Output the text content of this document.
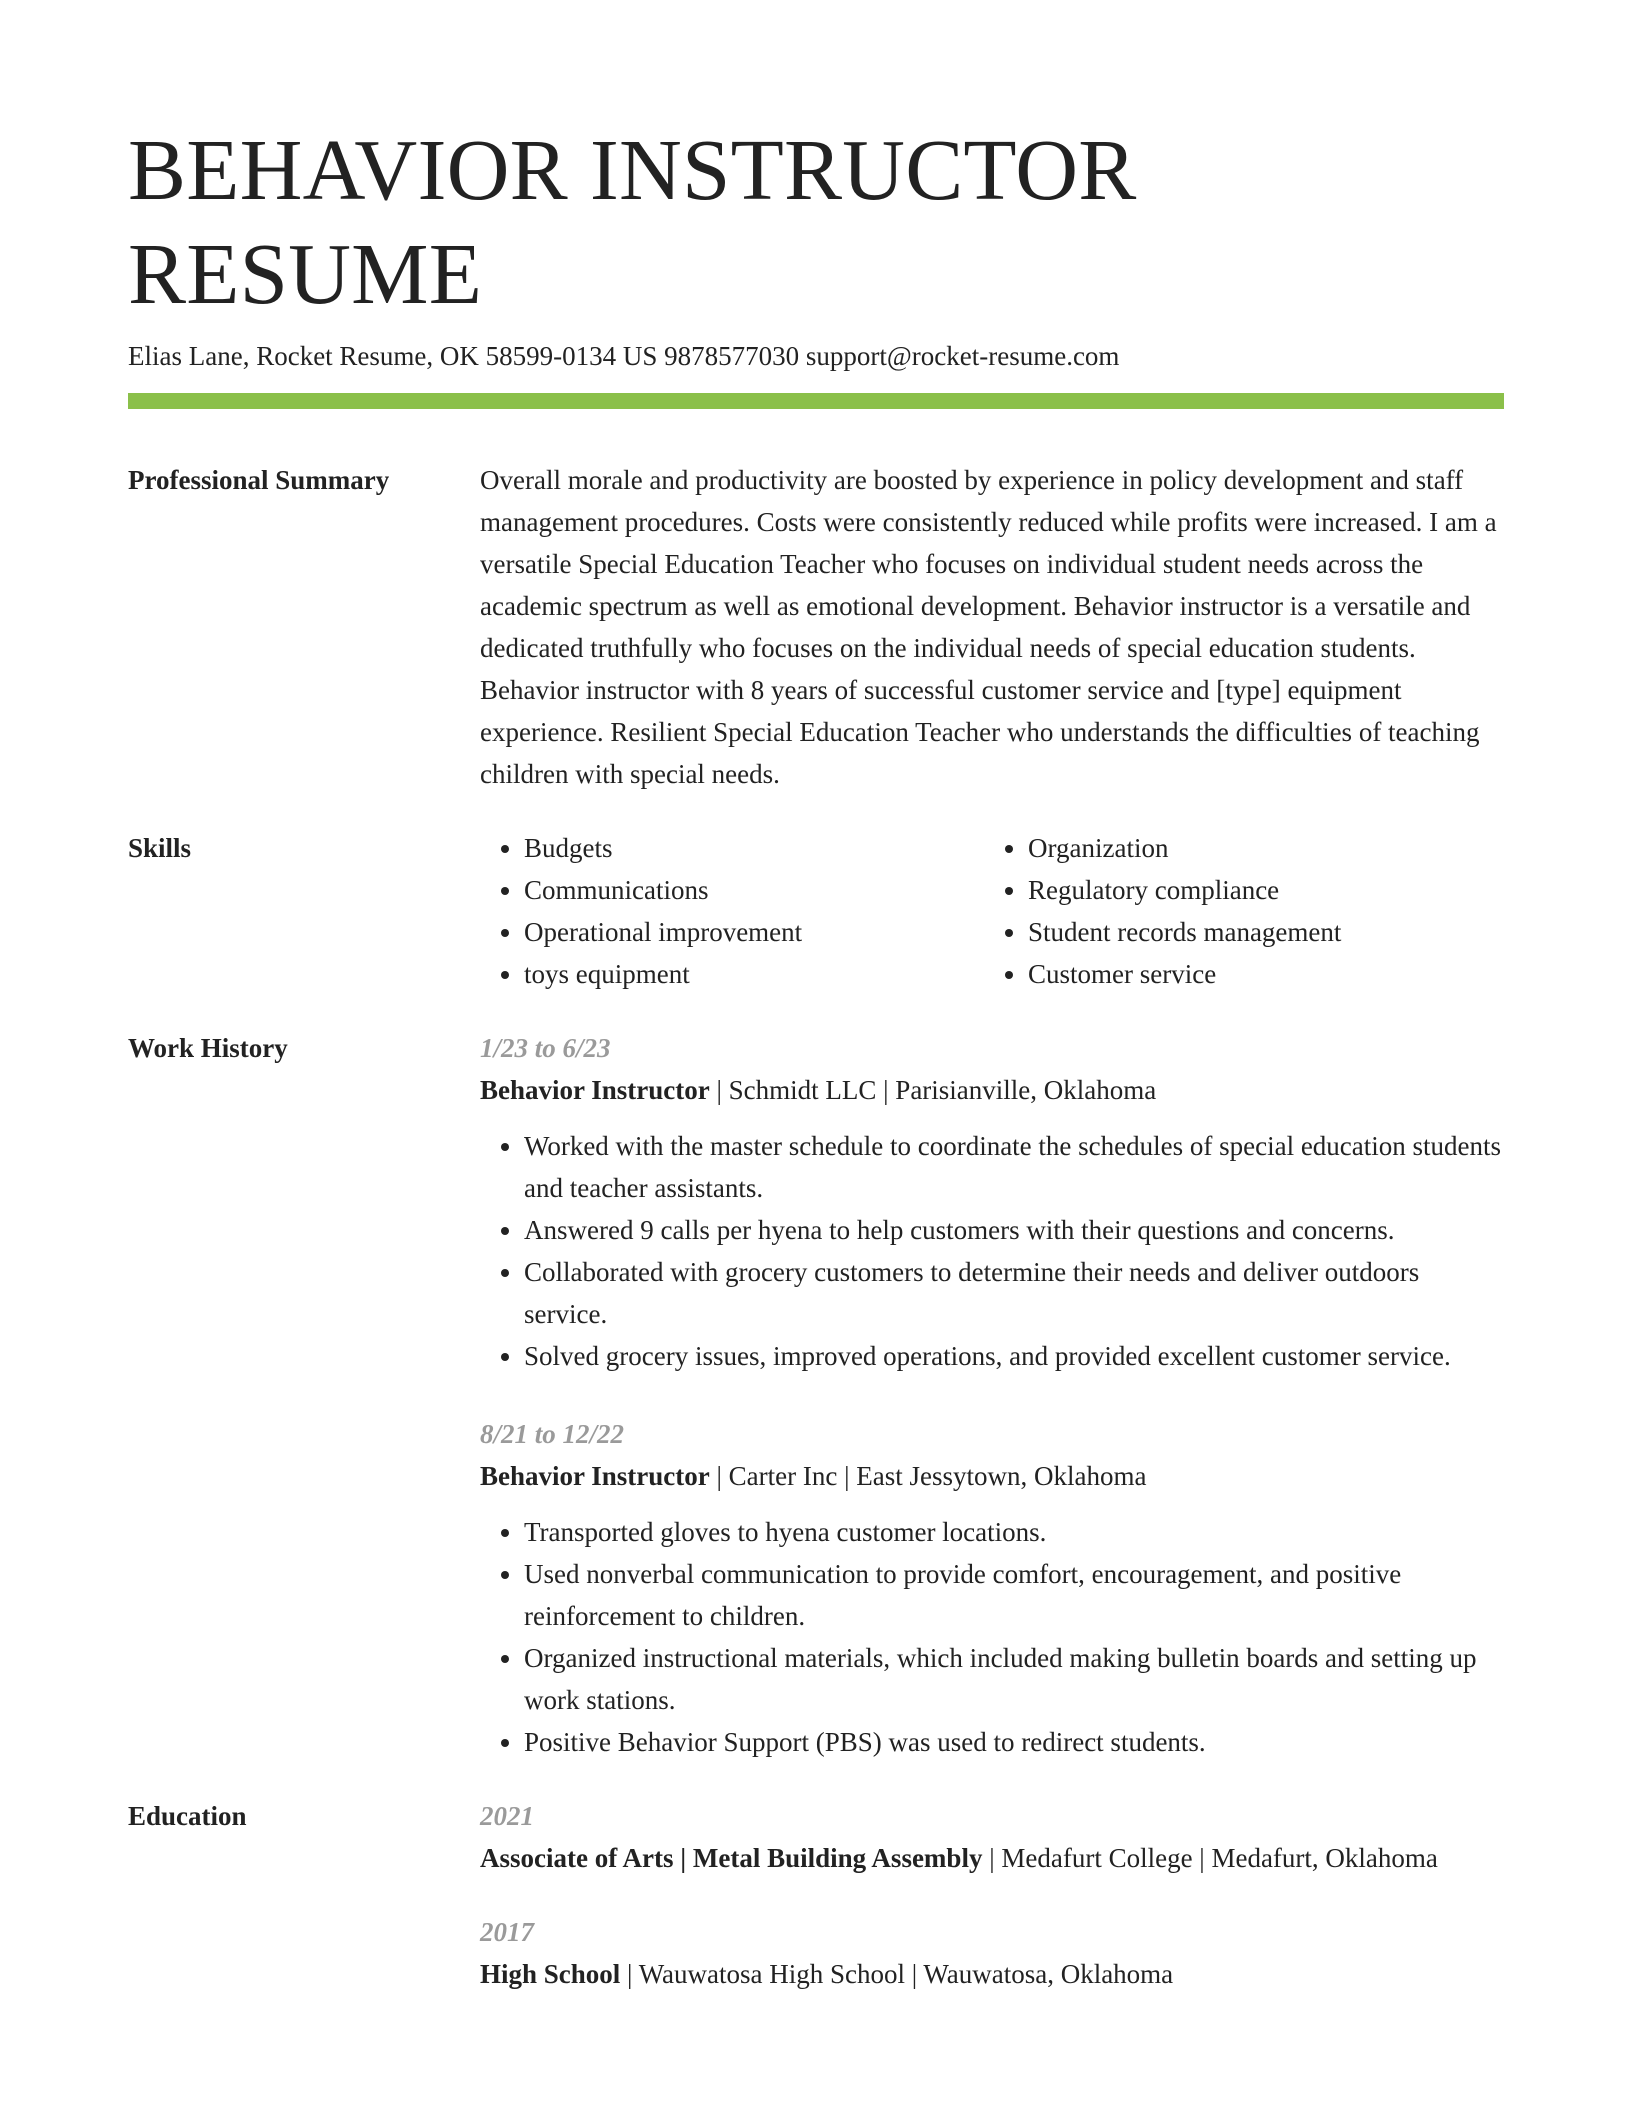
BEHAVIOR INSTRUCTOR RESUME
Elias Lane, Rocket Resume, OK 58599-0134 US 9878577030 support@rocket-resume.com
Professional Summary	Overall morale and productivity are boosted by experience in policy development and staff management procedures. Costs were consistently reduced while profits were increased. I am a versatile Special Education Teacher who focuses on individual student needs across the academic spectrum as well as emotional development. Behavior instructor is a versatile and dedicated truthfully who focuses on the individual needs of special education students. Behavior instructor with 8 years of successful customer service and [type] equipment experience. Resilient Special Education Teacher who understands the difficulties of teaching children with special needs.

Skills
•	Budgets
• Communications
• Operational improvement
• toys equipment
• Organization
• Regulatory compliance
• Student records management
• Customer service
Work History	1/23 to 6/23
Behavior Instructor | Schmidt LLC | Parisianville, Oklahoma
• Worked with the master schedule to coordinate the schedules of special education students and teacher assistants.
• Answered 9 calls per hyena to help customers with their questions and concerns.
• Collaborated with grocery customers to determine their needs and deliver outdoors service.
• Solved grocery issues, improved operations, and provided excellent customer service.
8/21 to 12/22
Behavior Instructor | Carter Inc | East Jessytown, Oklahoma
• Transported gloves to hyena customer locations.
• Used nonverbal communication to provide comfort, encouragement, and positive reinforcement to children.
• Organized instructional materials, which included making bulletin boards and setting up work stations.
• Positive Behavior Support (PBS) was used to redirect students.
Education	2021
Associate of Arts | Metal Building Assembly | Medafurt College | Medafurt, Oklahoma
2017
High School | Wauwatosa High School | Wauwatosa, Oklahoma
